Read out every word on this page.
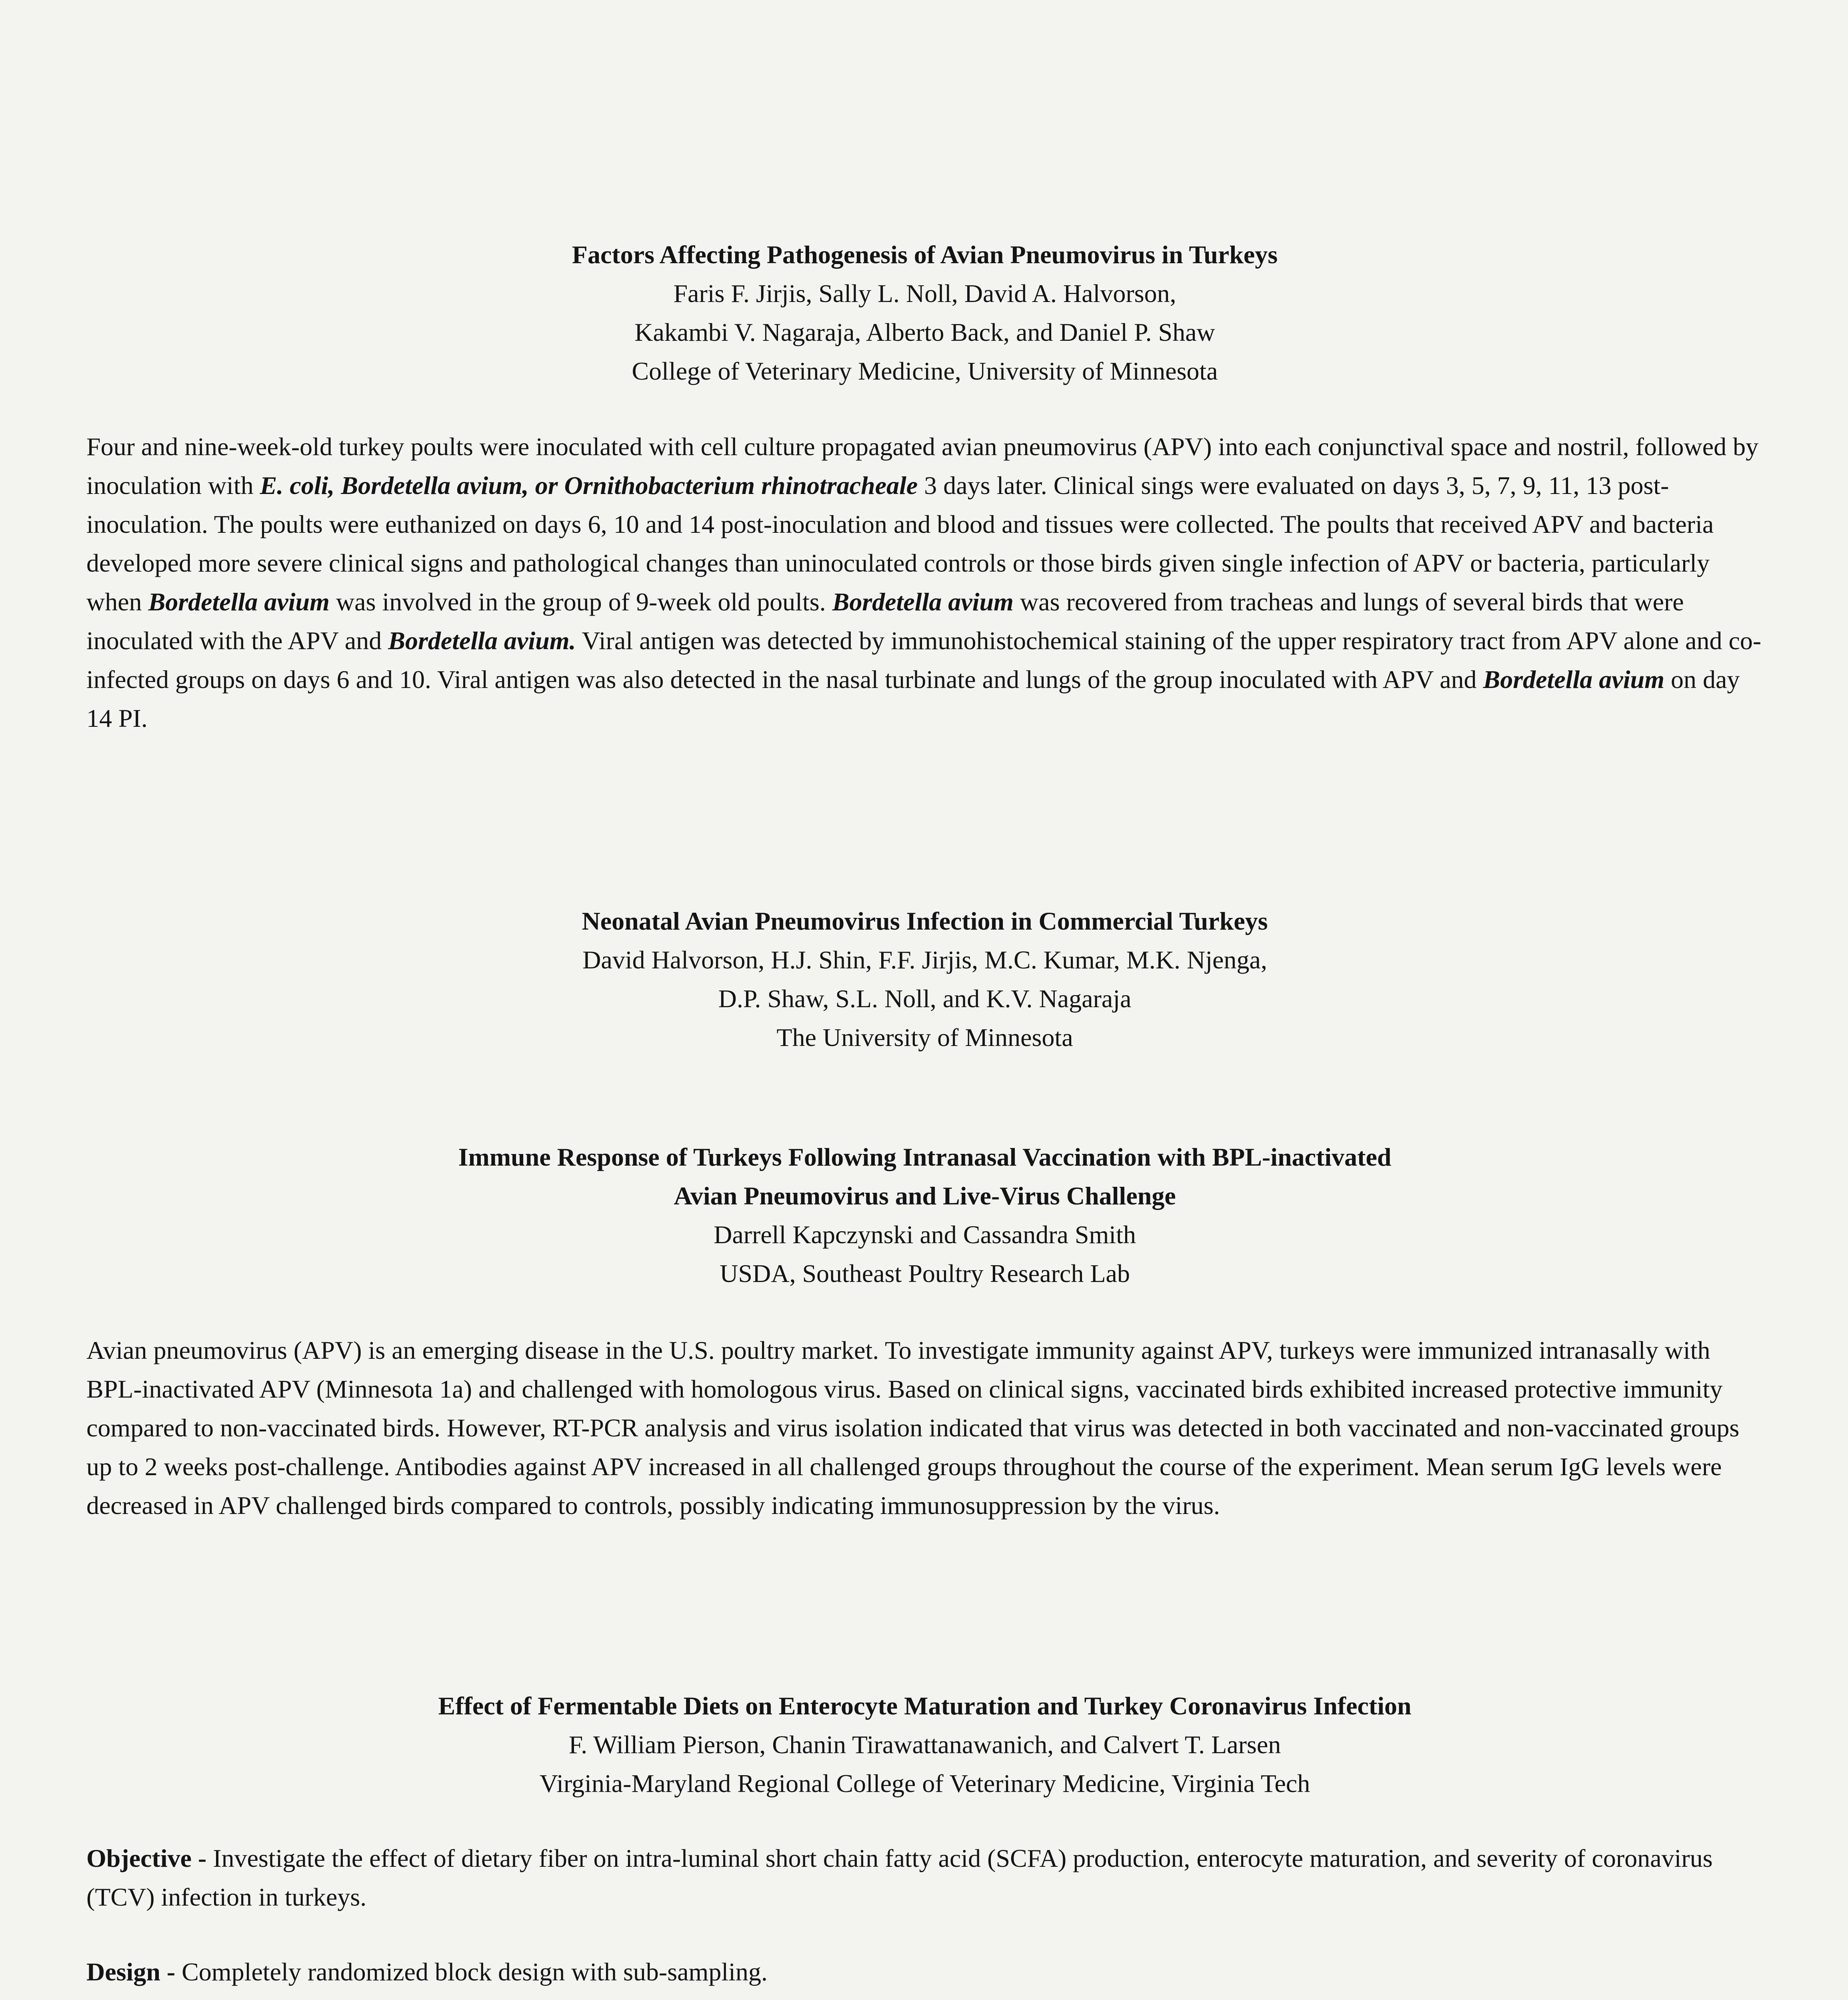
Factors Affecting Pathogenesis of Avian Pneumovirus in Turkeys

Faris F. Jirjis, Sally L. Noll, David A. Halvorson,

Kakambi V. Nagaraja, Alberto Back, and Daniel P. Shaw

College of Veterinary Medicine, University of Minnesota

Four and nine-week-old turkey poults were inoculated with cell culture propagated avian pneumovirus (APV) into each conjunctival space and nostril, followed by inoculation with E. coli, Bordetella avium, or Ornithobacterium rhinotracheale 3 days later. Clinical sings were evaluated on days 3, 5, 7, 9, 11, 13 post-inoculation. The poults were euthanized on days 6, 10 and 14 post-inoculation and blood and tissues were collected. The poults that received APV and bacteria developed more severe clinical signs and pathological changes than uninoculated controls or those birds given single infection of APV or bacteria, particularly when Bordetella avium was involved in the group of 9-week old poults. Bordetella avium was recovered from tracheas and lungs of several birds that were inoculated with the APV and Bordetella avium. Viral antigen was detected by immunohistochemical staining of the upper respiratory tract from APV alone and co-infected groups on days 6 and 10. Viral antigen was also detected in the nasal turbinate and lungs of the group inoculated with APV and Bordetella avium on day 14 PI.

Neonatal Avian Pneumovirus Infection in Commercial Turkeys

David Halvorson, H.J. Shin, F.F. Jirjis, M.C. Kumar, M.K. Njenga,

D.P. Shaw, S.L. Noll, and K.V. Nagaraja

The University of Minnesota

Immune Response of Turkeys Following Intranasal Vaccination with BPL-inactivated

Avian Pneumovirus and Live-Virus Challenge

Darrell Kapczynski and Cassandra Smith

USDA, Southeast Poultry Research Lab

Avian pneumovirus (APV) is an emerging disease in the U.S. poultry market. To investigate immunity against APV, turkeys were immunized intranasally with BPL-inactivated APV (Minnesota 1a) and challenged with homologous virus. Based on clinical signs, vaccinated birds exhibited increased protective immunity compared to non-vaccinated birds. However, RT-PCR analysis and virus isolation indicated that virus was detected in both vaccinated and non-vaccinated groups up to 2 weeks post-challenge. Antibodies against APV increased in all challenged groups throughout the course of the experiment. Mean serum IgG levels were decreased in APV challenged birds compared to controls, possibly indicating immunosuppression by the virus.

Effect of Fermentable Diets on Enterocyte Maturation and Turkey Coronavirus Infection

F. William Pierson, Chanin Tirawattanawanich, and Calvert T. Larsen

Virginia-Maryland Regional College of Veterinary Medicine, Virginia Tech

Objective - Investigate the effect of dietary fiber on intra-luminal short chain fatty acid (SCFA) production, enterocyte maturation, and severity of coronavirus (TCV) infection in turkeys.

Design - Completely randomized block design with sub-sampling.
